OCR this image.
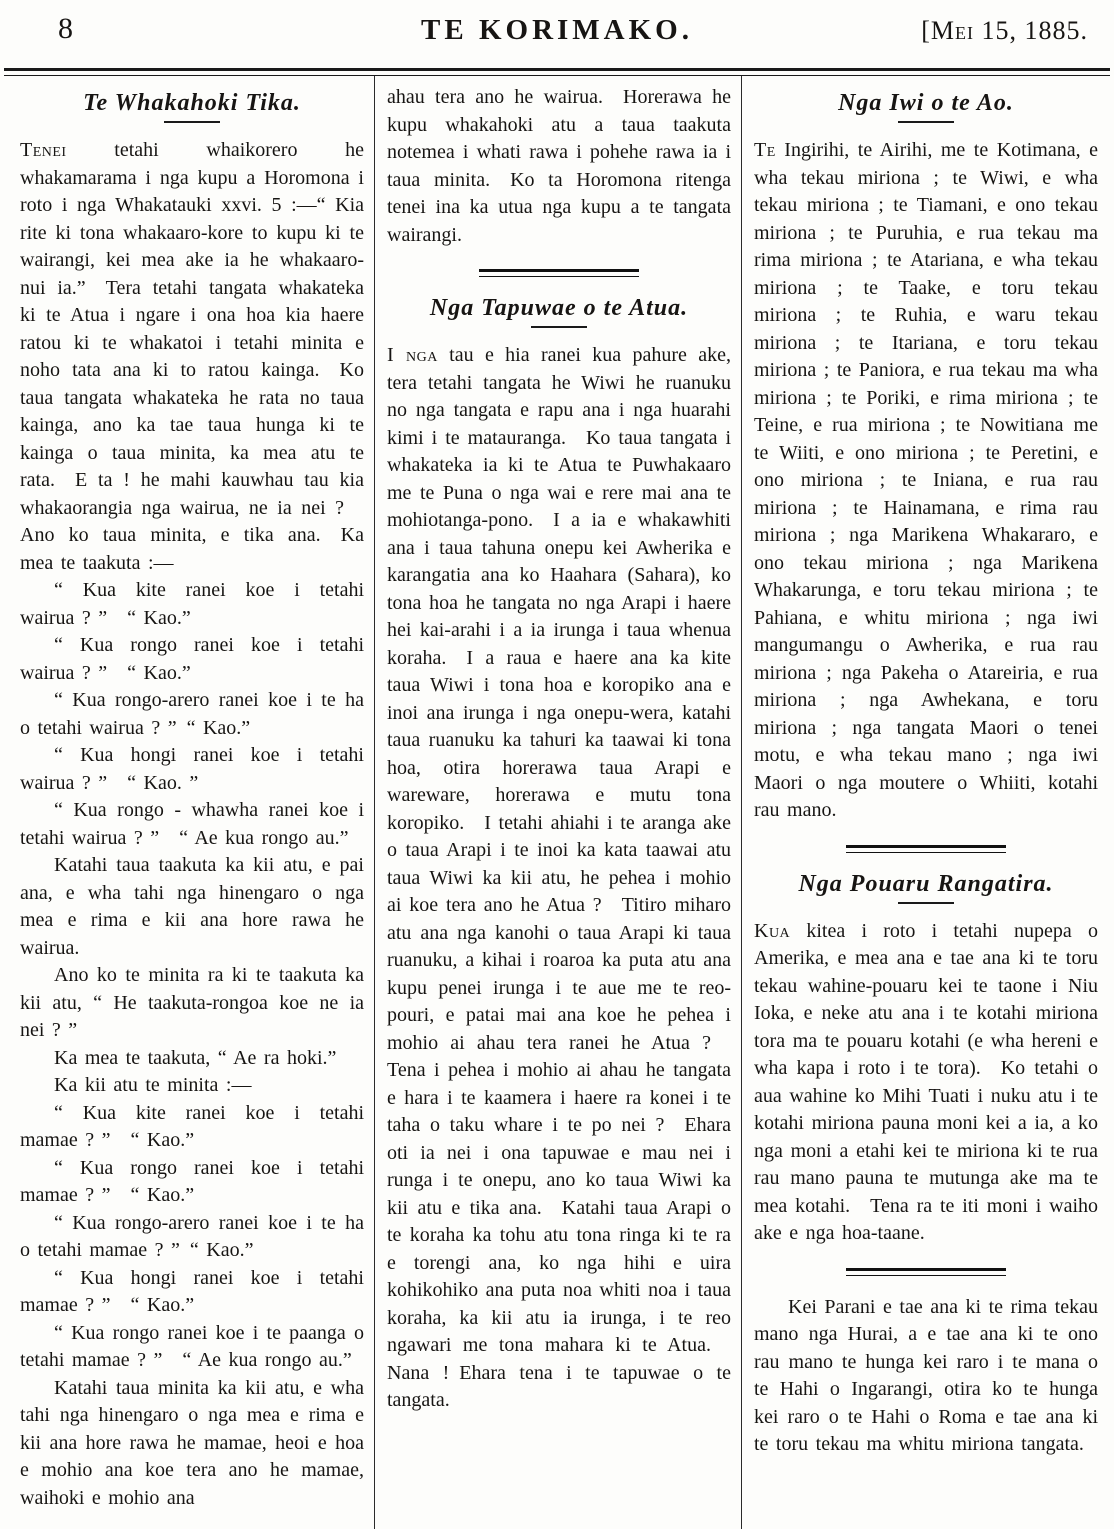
8	TE KORIMAKO.	[Mei 15, 1885.
Te Whakahoki Tika.

Tenei tetahi whaikorero he whakamarama i nga kupu a Horomona i roto i nga Whakatauki xxvi. 5 :—“ Kia rite ki tona whakaaro-kore to kupu ki te wairangi, kei mea ake ia he whakaaro-nui ia.” Tera tetahi tangata whakateka ki te Atua i ngare i ona hoa kia haere ratou ki te whakatoi i tetahi minita e noho tata ana ki to ratou kainga. Ko taua tangata whakateka he rata no taua kainga, ano ka tae taua hunga ki te kainga o taua minita, ka mea atu te rata. E ta ! he mahi kauwhau tau kia whakaorangia nga wairua, ne ia nei ? Ano ko taua minita, e tika ana. Ka mea te taakuta :—

“ Kua kite ranei koe i tetahi wairua ? ” “ Kao.”

“ Kua rongo ranei koe i tetahi wairua ? ” “ Kao.”

“ Kua rongo-arero ranei koe i te ha o tetahi wairua ? ” “ Kao.”

“ Kua hongi ranei koe i tetahi wairua ? ” “ Kao. ”

“ Kua rongo - whawha ranei koe i tetahi wairua ? ” “ Ae kua rongo au.”

Katahi taua taakuta ka kii atu, e pai ana, e wha tahi nga hinengaro o nga mea e rima e kii ana hore rawa he wairua.

Ano ko te minita ra ki te taakuta ka kii atu, “ He taakuta-rongoa koe ne ia nei ? ”

Ka mea te taakuta, “ Ae ra hoki.”

Ka kii atu te minita :—

“ Kua kite ranei koe i tetahi mamae ? ” “ Kao.”

“ Kua rongo ranei koe i tetahi mamae ? ” “ Kao.”

“ Kua rongo-arero ranei koe i te ha o tetahi mamae ? ” “ Kao.”

“ Kua hongi ranei koe i tetahi mamae ? ” “ Kao.”

“ Kua rongo ranei koe i te paanga o tetahi mamae ? ” “ Ae kua rongo au.”

Katahi taua minita ka kii atu, e wha tahi nga hinengaro o nga mea e rima e kii ana hore rawa he mamae, heoi e hoa e mohio ana koe tera ano he mamae, waihoki e mohio ana

ahau tera ano he wairua. Horerawa he kupu whakahoki atu a taua taakuta notemea i whati rawa i pohehe rawa ia i taua minita. Ko ta Horomona ritenga tenei ina ka utua nga kupu a te tangata wairangi.

Nga Tapuwae o te Atua.

I nga tau e hia ranei kua pahure ake, tera tetahi tangata he Wiwi he ruanuku no nga tangata e rapu ana i nga huarahi kimi i te matauranga. Ko taua tangata i whakateka ia ki te Atua te Puwhakaaro me te Puna o nga wai e rere mai ana te mohiotanga-pono. I a ia e whakawhiti ana i taua tahuna onepu kei Awherika e karangatia ana ko Haahara (Sahara), ko tona hoa he tangata no nga Arapi i haere hei kai-arahi i a ia irunga i taua whenua koraha. I a raua e haere ana ka kite taua Wiwi i tona hoa e koropiko ana e inoi ana irunga i nga onepu-wera, katahi taua ruanuku ka tahuri ka taawai ki tona hoa, otira horerawa taua Arapi e wareware, horerawa e mutu tona koropiko. I tetahi ahiahi i te aranga ake o taua Arapi i te inoi ka kata taawai atu taua Wiwi ka kii atu, he pehea i mohio ai koe tera ano he Atua ? Titiro miharo atu ana nga kanohi o taua Arapi ki taua ruanuku, a kihai i roaroa ka puta atu ana kupu penei irunga i te aue me te reo-pouri, e patai mai ana koe he pehea i mohio ai ahau tera ranei he Atua ? Tena i pehea i mohio ai ahau he tangata e hara i te kaamera i haere ra konei i te taha o taku whare i te po nei ? Ehara oti ia nei i ona tapuwae e mau nei i runga i te onepu, ano ko taua Wiwi ka kii atu e tika ana. Katahi taua Arapi o te koraha ka tohu atu tona ringa ki te ra e torengi ana, ko nga hihi e uira kohikohiko ana puta noa whiti noa i taua koraha, ka kii atu ia irunga, i te reo ngawari me tona mahara ki te Atua. Nana ! Ehara tena i te tapuwae o te tangata.

Nga Iwi o te Ao.

Te Ingirihi, te Airihi, me te Kotimana, e wha tekau miriona ; te Wiwi, e wha tekau miriona ; te Tiamani, e ono tekau miriona ; te Puruhia, e rua tekau ma rima miriona ; te Atariana, e wha tekau miriona ; te Taake, e toru tekau miriona ; te Ruhia, e waru tekau miriona ; te Itariana, e toru tekau miriona ; te Paniora, e rua tekau ma wha miriona ; te Poriki, e rima miriona ; te Teine, e rua miriona ; te Nowitiana me te Wiiti, e ono miriona ; te Peretini, e ono miriona ; te Iniana, e rua rau miriona ; te Hainamana, e rima rau miriona ; nga Marikena Whakararo, e ono tekau miriona ; nga Marikena Whakarunga, e toru tekau miriona ; te Pahiana, e whitu miriona ; nga iwi mangumangu o Awherika, e rua rau miriona ; nga Pakeha o Atareiria, e rua miriona ; nga Awhekana, e toru miriona ; nga tangata Maori o tenei motu, e wha tekau mano ; nga iwi Maori o nga moutere o Whiiti, kotahi rau mano.

Nga Pouaru Rangatira.

Kua kitea i roto i tetahi nupepa o Amerika, e mea ana e tae ana ki te toru tekau wahine-pouaru kei te taone i Niu Ioka, e neke atu ana i te kotahi miriona tora ma te pouaru kotahi (e wha hereni e wha kapa i roto i te tora). Ko tetahi o aua wahine ko Mihi Tuati i nuku atu i te kotahi miriona pauna moni kei a ia, a ko nga moni a etahi kei te miriona ki te rua rau mano pauna te mutunga ake ma te mea kotahi. Tena ra te iti moni i waiho ake e nga hoa-taane.

Kei Parani e tae ana ki te rima tekau mano nga Hurai, a e tae ana ki te ono rau mano te hunga kei raro i te mana o te Hahi o Ingarangi, otira ko te hunga kei raro o te Hahi o Roma e tae ana ki te toru tekau ma whitu miriona tangata.
